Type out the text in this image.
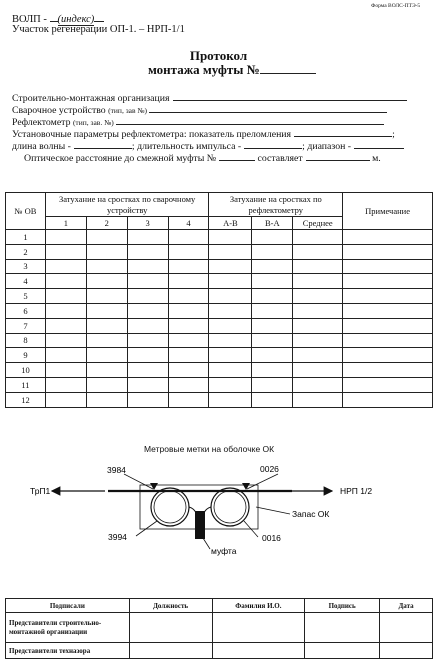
Форма ВОЛС-ПТЭ-5
ВОЛП - (индекс)
Участок регенерации ОП-1. – НРП-1/1
Протокол
монтажа муфты №
Строительно-монтажная организация
Сварочное устройство (тип, зав №)
Рефлектометр (тип, зав. №)
Установочные параметры рефлектометра: показатель преломления	;
длина волны -	; длительность импульса -	; диапазон -
Оптическое расстояние до смежной муфты №	составляет	м.
№ ОВ	Затухание на сростках по сварочному устройству				Затухание на сростках по рефлектометру			Примечание
	1	2	3	4	А-В	В-А	Среднее	
1								
2								
3								
4								
5								
6								
7								
8								
9								
10								
11								
12								
Метровые метки на оболочке ОК
ТрП1	НРП 1/2
3984	0026
3994	0016
Запас ОК
муфта
Подписали	Должность	Фамилия И.О.	Подпись	Дата
Представители строительно-монтажной организации				
Представители техназора				
